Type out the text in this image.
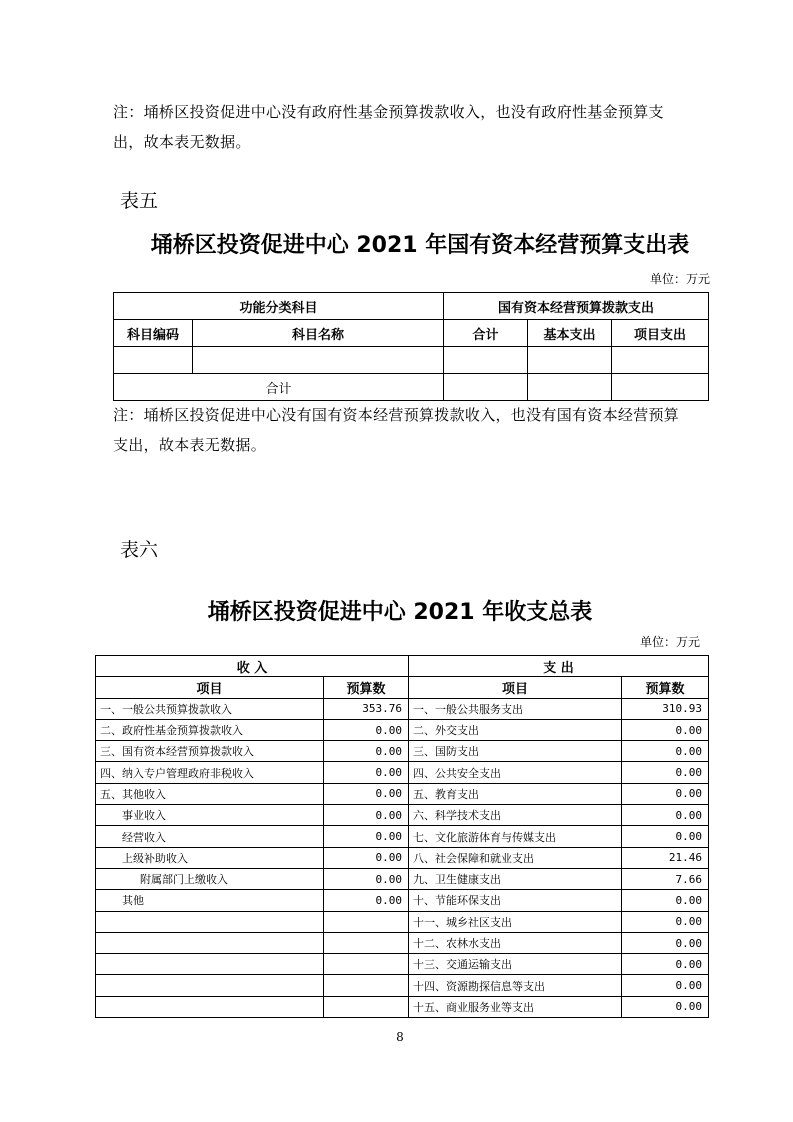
注：埇桥区投资促进中心没有政府性基金预算拨款收入，也没有政府性基金预算支
出，故本表无数据。
表五
埇桥区投资促进中心 2021 年国有资本经营预算支出表
单位：万元
功能分类科目		国有资本经营预算拨款支出		
科目编码	科目名称	合计	基本支出	项目支出

合计				
注：埇桥区投资促进中心没有国有资本经营预算拨款收入，也没有国有资本经营预算
支出，故本表无数据。
表六
埇桥区投资促进中心 2021 年收支总表
单位：万元
收 入		支 出	
项目	预算数	项目	预算数
一、一般公共预算拨款收入	353.76	一、一般公共服务支出	310.93
二、政府性基金预算拨款收入	0.00	二、外交支出	0.00
三、国有资本经营预算拨款收入	0.00	三、国防支出	0.00
四、纳入专户管理政府非税收入	0.00	四、公共安全支出	0.00
五、其他收入	0.00	五、教育支出	0.00
事业收入	0.00	六、科学技术支出	0.00
经营收入	0.00	七、文化旅游体育与传媒支出	0.00
上级补助收入	0.00	八、社会保障和就业支出	21.46
附属部门上缴收入	0.00	九、卫生健康支出	7.66
其他	0.00	十、节能环保支出	0.00
		十一、城乡社区支出	0.00
		十二、农林水支出	0.00
		十三、交通运输支出	0.00
		十四、资源勘探信息等支出	0.00
		十五、商业服务业等支出	0.00
8
